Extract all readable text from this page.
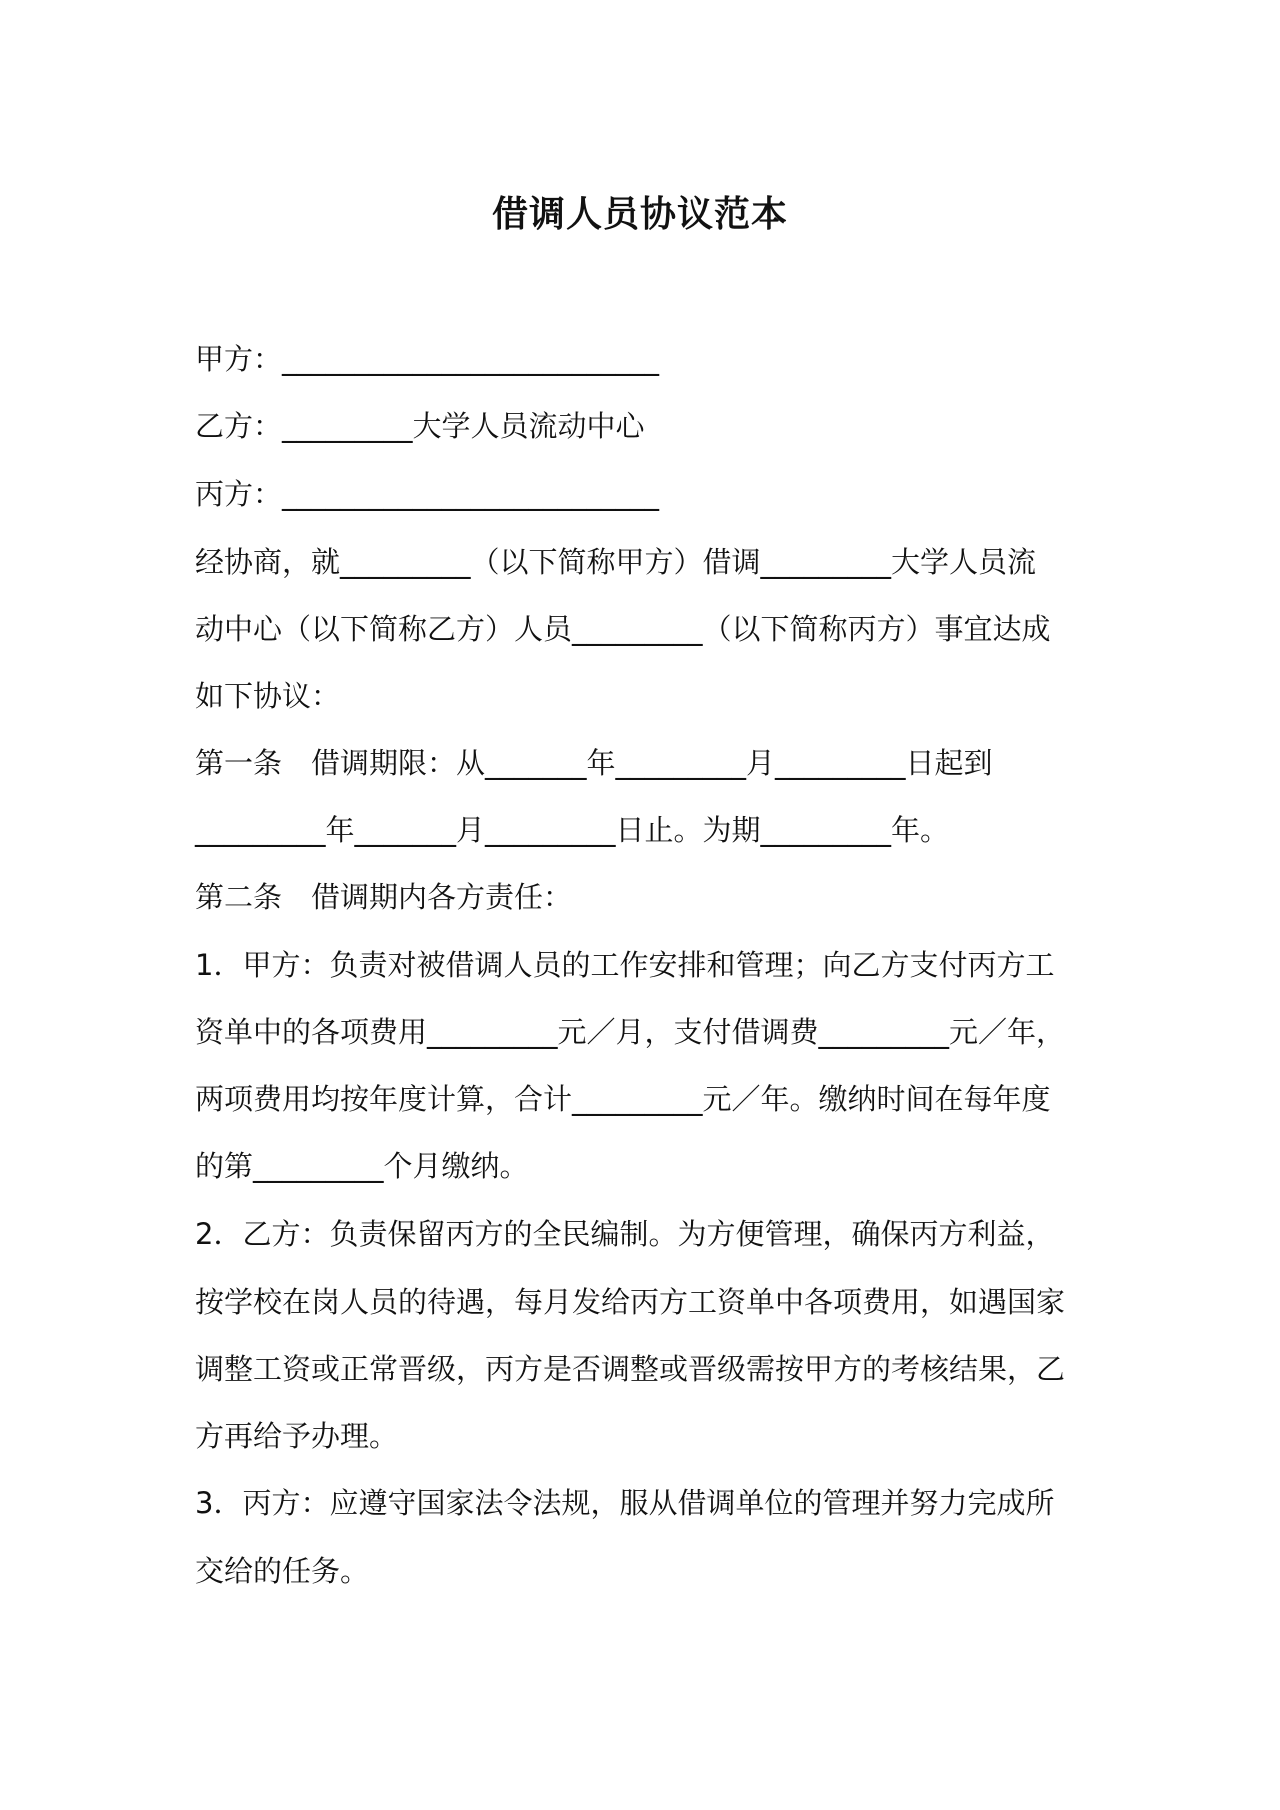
借调人员协议范本
甲方：__________________________
乙方：_________大学人员流动中心
丙方：__________________________
经协商，就_________（以下简称甲方）借调_________大学人员流
动中心（以下简称乙方）人员_________（以下简称丙方）事宜达成
如下协议：
第一条　借调期限：从_______年_________月_________日起到
_________年_______月_________日止。为期_________年。
第二条　借调期内各方责任：
1．甲方：负责对被借调人员的工作安排和管理；向乙方支付丙方工
资单中的各项费用_________元／月，支付借调费_________元／年，
两项费用均按年度计算，合计_________元／年。缴纳时间在每年度
的第_________个月缴纳。
2．乙方：负责保留丙方的全民编制。为方便管理，确保丙方利益，
按学校在岗人员的待遇，每月发给丙方工资单中各项费用，如遇国家
调整工资或正常晋级，丙方是否调整或晋级需按甲方的考核结果，乙
方再给予办理。
3．丙方：应遵守国家法令法规，服从借调单位的管理并努力完成所
交给的任务。
